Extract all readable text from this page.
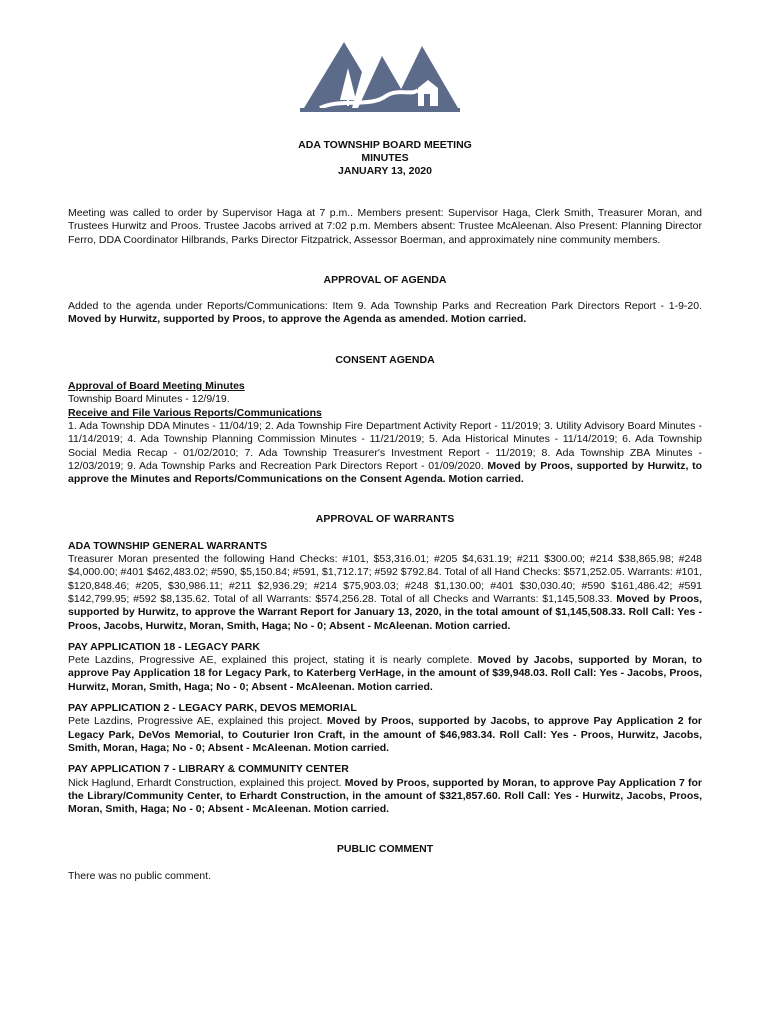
ADA TOWNSHIP BOARD MEETING
MINUTES
JANUARY 13, 2020

Meeting was called to order by Supervisor Haga at 7 p.m.. Members present: Supervisor Haga, Clerk Smith, Treasurer Moran, and Trustees Hurwitz and Proos. Trustee Jacobs arrived at 7:02 p.m. Members absent: Trustee McAleenan. Also Present: Planning Director Ferro, DDA Coordinator Hilbrands, Parks Director Fitzpatrick, Assessor Boerman, and approximately nine community members.

APPROVAL OF AGENDA

Added to the agenda under Reports/Communications: Item 9. Ada Township Parks and Recreation Park Directors Report - 1-9-20. Moved by Hurwitz, supported by Proos, to approve the Agenda as amended. Motion carried.

CONSENT AGENDA
Approval of Board Meeting Minutes
Township Board Minutes - 12/9/19.
Receive and File Various Reports/Communications

1. Ada Township DDA Minutes - 11/04/19; 2. Ada Township Fire Department Activity Report - 11/2019; 3. Utility Advisory Board Minutes - 11/14/2019; 4. Ada Township Planning Commission Minutes - 11/21/2019; 5. Ada Historical Minutes - 11/14/2019; 6. Ada Township Social Media Recap - 01/02/2010; 7. Ada Township Treasurer's Investment Report - 11/2019; 8. Ada Township ZBA Minutes - 12/03/2019; 9. Ada Township Parks and Recreation Park Directors Report - 01/09/2020. Moved by Proos, supported by Hurwitz, to approve the Minutes and Reports/Communications on the Consent Agenda. Motion carried.

APPROVAL OF WARRANTS
ADA TOWNSHIP GENERAL WARRANTS

Treasurer Moran presented the following Hand Checks: #101, $53,316.01; #205 $4,631.19; #211 $300.00; #214 $38,865.98; #248 $4,000.00; #401 $462,483.02; #590, $5,150.84; #591, $1,712.17; #592 $792.84. Total of all Hand Checks: $571,252.05. Warrants: #101, $120,848.46; #205, $30,986.11; #211 $2,936.29; #214 $75,903.03; #248 $1,130.00; #401 $30,030.40; #590 $161,486.42; #591 $142,799.95; #592 $8,135.62. Total of all Warrants: $574,256.28. Total of all Checks and Warrants: $1,145,508.33. Moved by Proos, supported by Hurwitz, to approve the Warrant Report for January 13, 2020, in the total amount of $1,145,508.33. Roll Call: Yes - Proos, Jacobs, Hurwitz, Moran, Smith, Haga; No - 0; Absent - McAleenan. Motion carried.

PAY APPLICATION 18 - LEGACY PARK

Pete Lazdins, Progressive AE, explained this project, stating it is nearly complete. Moved by Jacobs, supported by Moran, to approve Pay Application 18 for Legacy Park, to Katerberg VerHage, in the amount of $39,948.03. Roll Call: Yes - Jacobs, Proos, Hurwitz, Moran, Smith, Haga; No - 0; Absent - McAleenan. Motion carried.

PAY APPLICATION 2 - LEGACY PARK, DEVOS MEMORIAL

Pete Lazdins, Progressive AE, explained this project. Moved by Proos, supported by Jacobs, to approve Pay Application 2 for Legacy Park, DeVos Memorial, to Couturier Iron Craft, in the amount of $46,983.34. Roll Call: Yes - Proos, Hurwitz, Jacobs, Smith, Moran, Haga; No - 0; Absent - McAleenan. Motion carried.

PAY APPLICATION 7 - LIBRARY & COMMUNITY CENTER

Nick Haglund, Erhardt Construction, explained this project. Moved by Proos, supported by Moran, to approve Pay Application 7 for the Library/Community Center, to Erhardt Construction, in the amount of $321,857.60. Roll Call: Yes - Hurwitz, Jacobs, Proos, Moran, Smith, Haga; No - 0; Absent - McAleenan. Motion carried.

PUBLIC COMMENT

There was no public comment.
